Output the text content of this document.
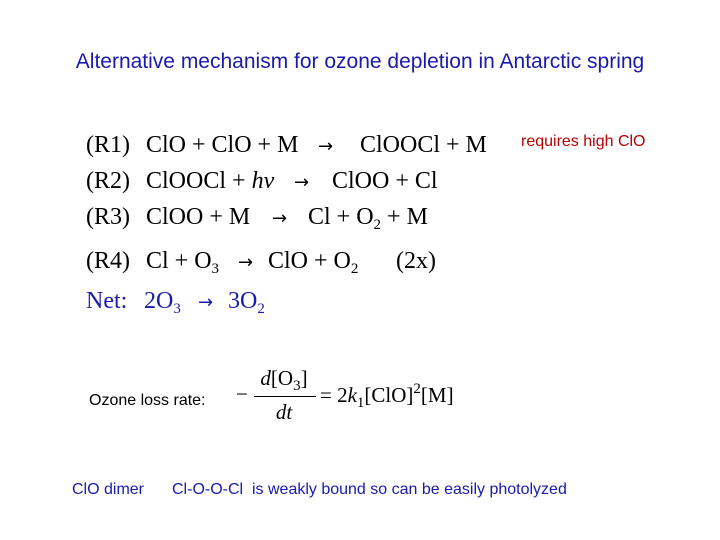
Alternative mechanism for ozone depletion in Antarctic spring
(R1) ClO + ClO + M → ClOOCl + M
(R2) ClOOCl + hv → ClOO + Cl
(R3) ClOO + $M \to Cl + O_2 + M$
(R4) $Cl + O_3$ → ClO + $O_2$ (2x)
Net: $2O_3 \to 3O_2$
requires high ClO
Ozone loss rate: −
$d[O_3]$
dt
= $2k_1[ClO]^2[M]$
ClO dimer Cl-O-O-Cl  is weakly bound so can be easily photolyzed
